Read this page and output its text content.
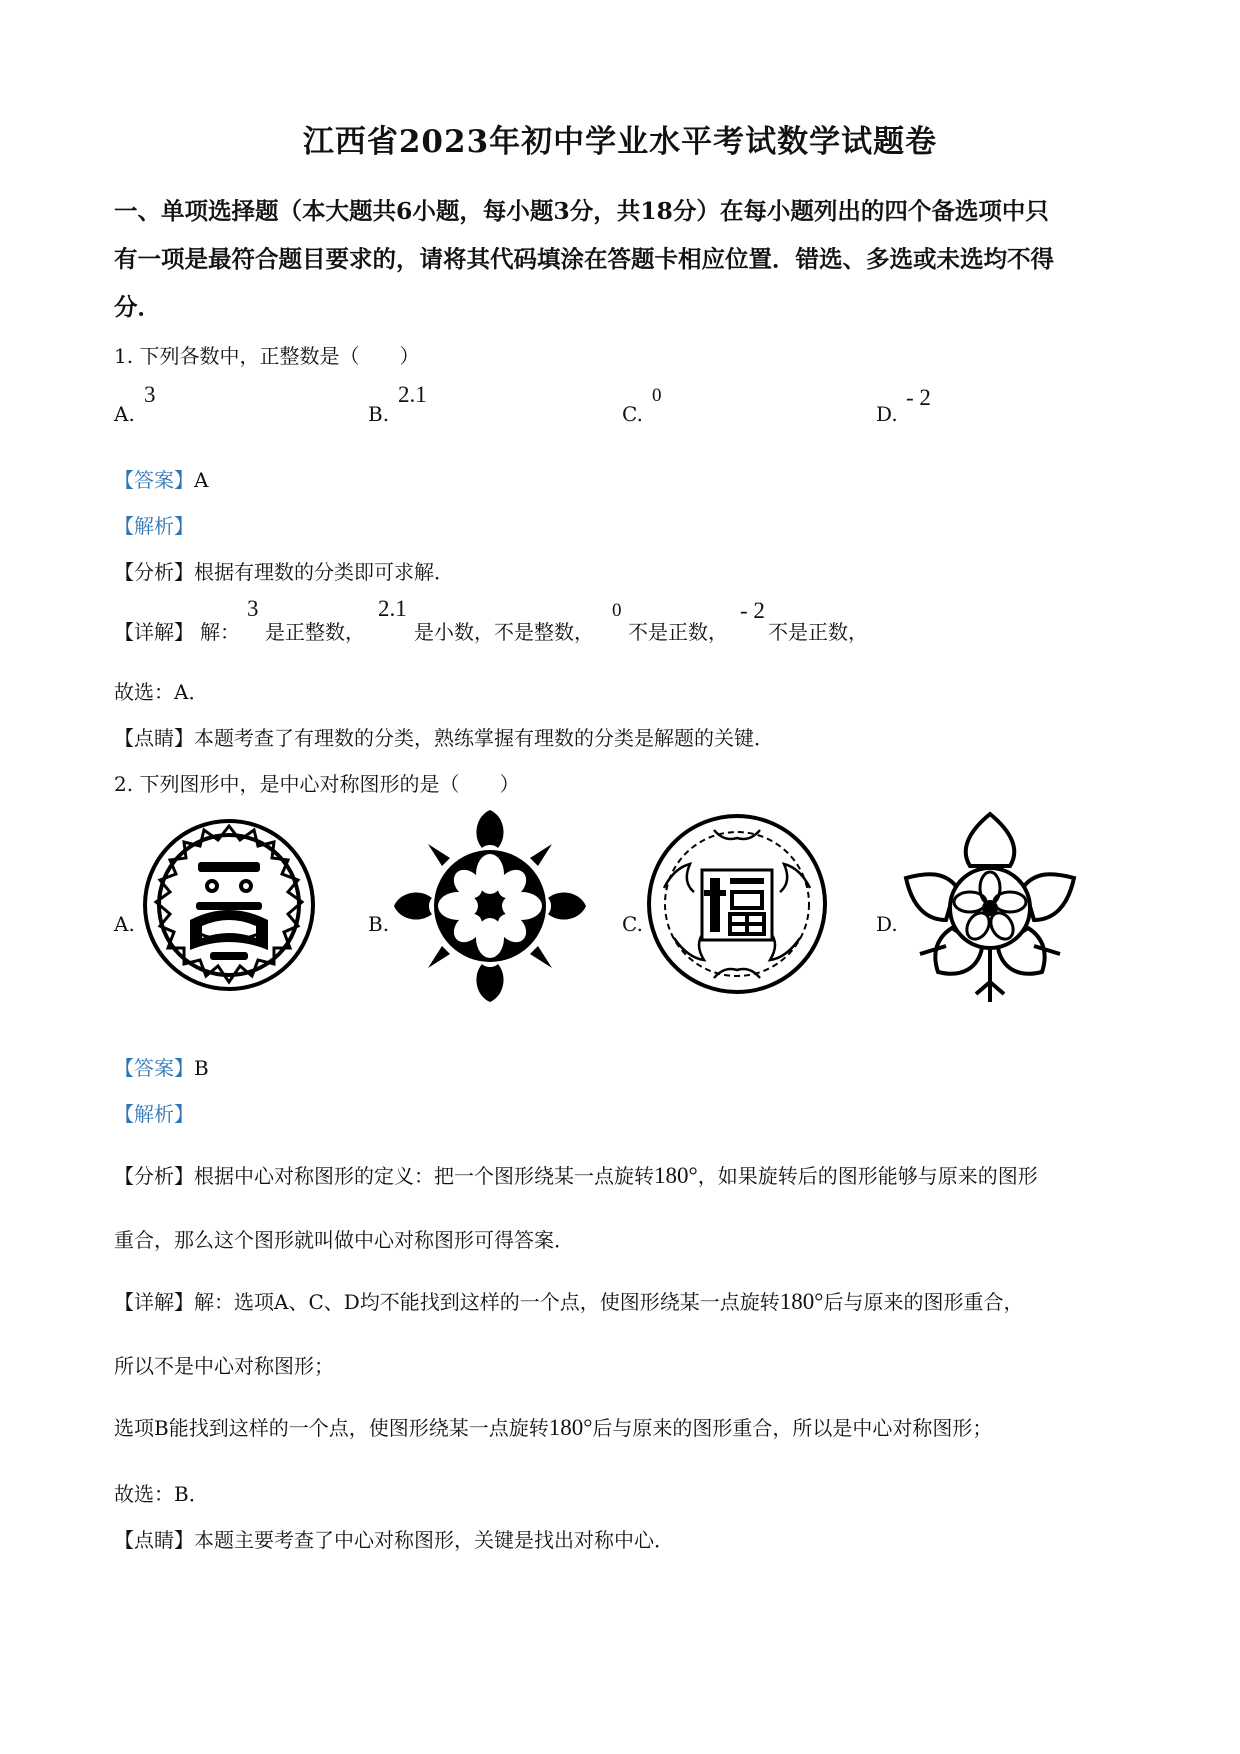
江西省2023年初中学业水平考试数学试题卷
一、单项选择题（本大题共6小题，每小题3分，共18分）在每小题列出的四个备选项中只
有一项是最符合题目要求的，请将其代码填涂在答题卡相应位置．错选、多选或未选均不得
分．
1. 下列各数中，正整数是（　　）
A.
3
B.
2.1
C.
0
D.
- 2
【答案】A
【解析】
【分析】根据有理数的分类即可求解．
【详解】 解：
3
是正整数，
2.1
是小数，不是整数，
0
不是正数，
- 2
不是正数，
故选：A．
【点睛】本题考查了有理数的分类，熟练掌握有理数的分类是解题的关键．
2. 下列图形中，是中心对称图形的是（　　）
A.	B.	C.	D.
【答案】B
【解析】
【分析】根据中心对称图形的定义：把一个图形绕某一点旋转180°，如果旋转后的图形能够与原来的图形
重合，那么这个图形就叫做中心对称图形可得答案．
【详解】解：选项A、C、D均不能找到这样的一个点，使图形绕某一点旋转180°后与原来的图形重合，
所以不是中心对称图形；
选项B能找到这样的一个点，使图形绕某一点旋转180°后与原来的图形重合，所以是中心对称图形；
故选：B．
【点睛】本题主要考查了中心对称图形，关键是找出对称中心．
